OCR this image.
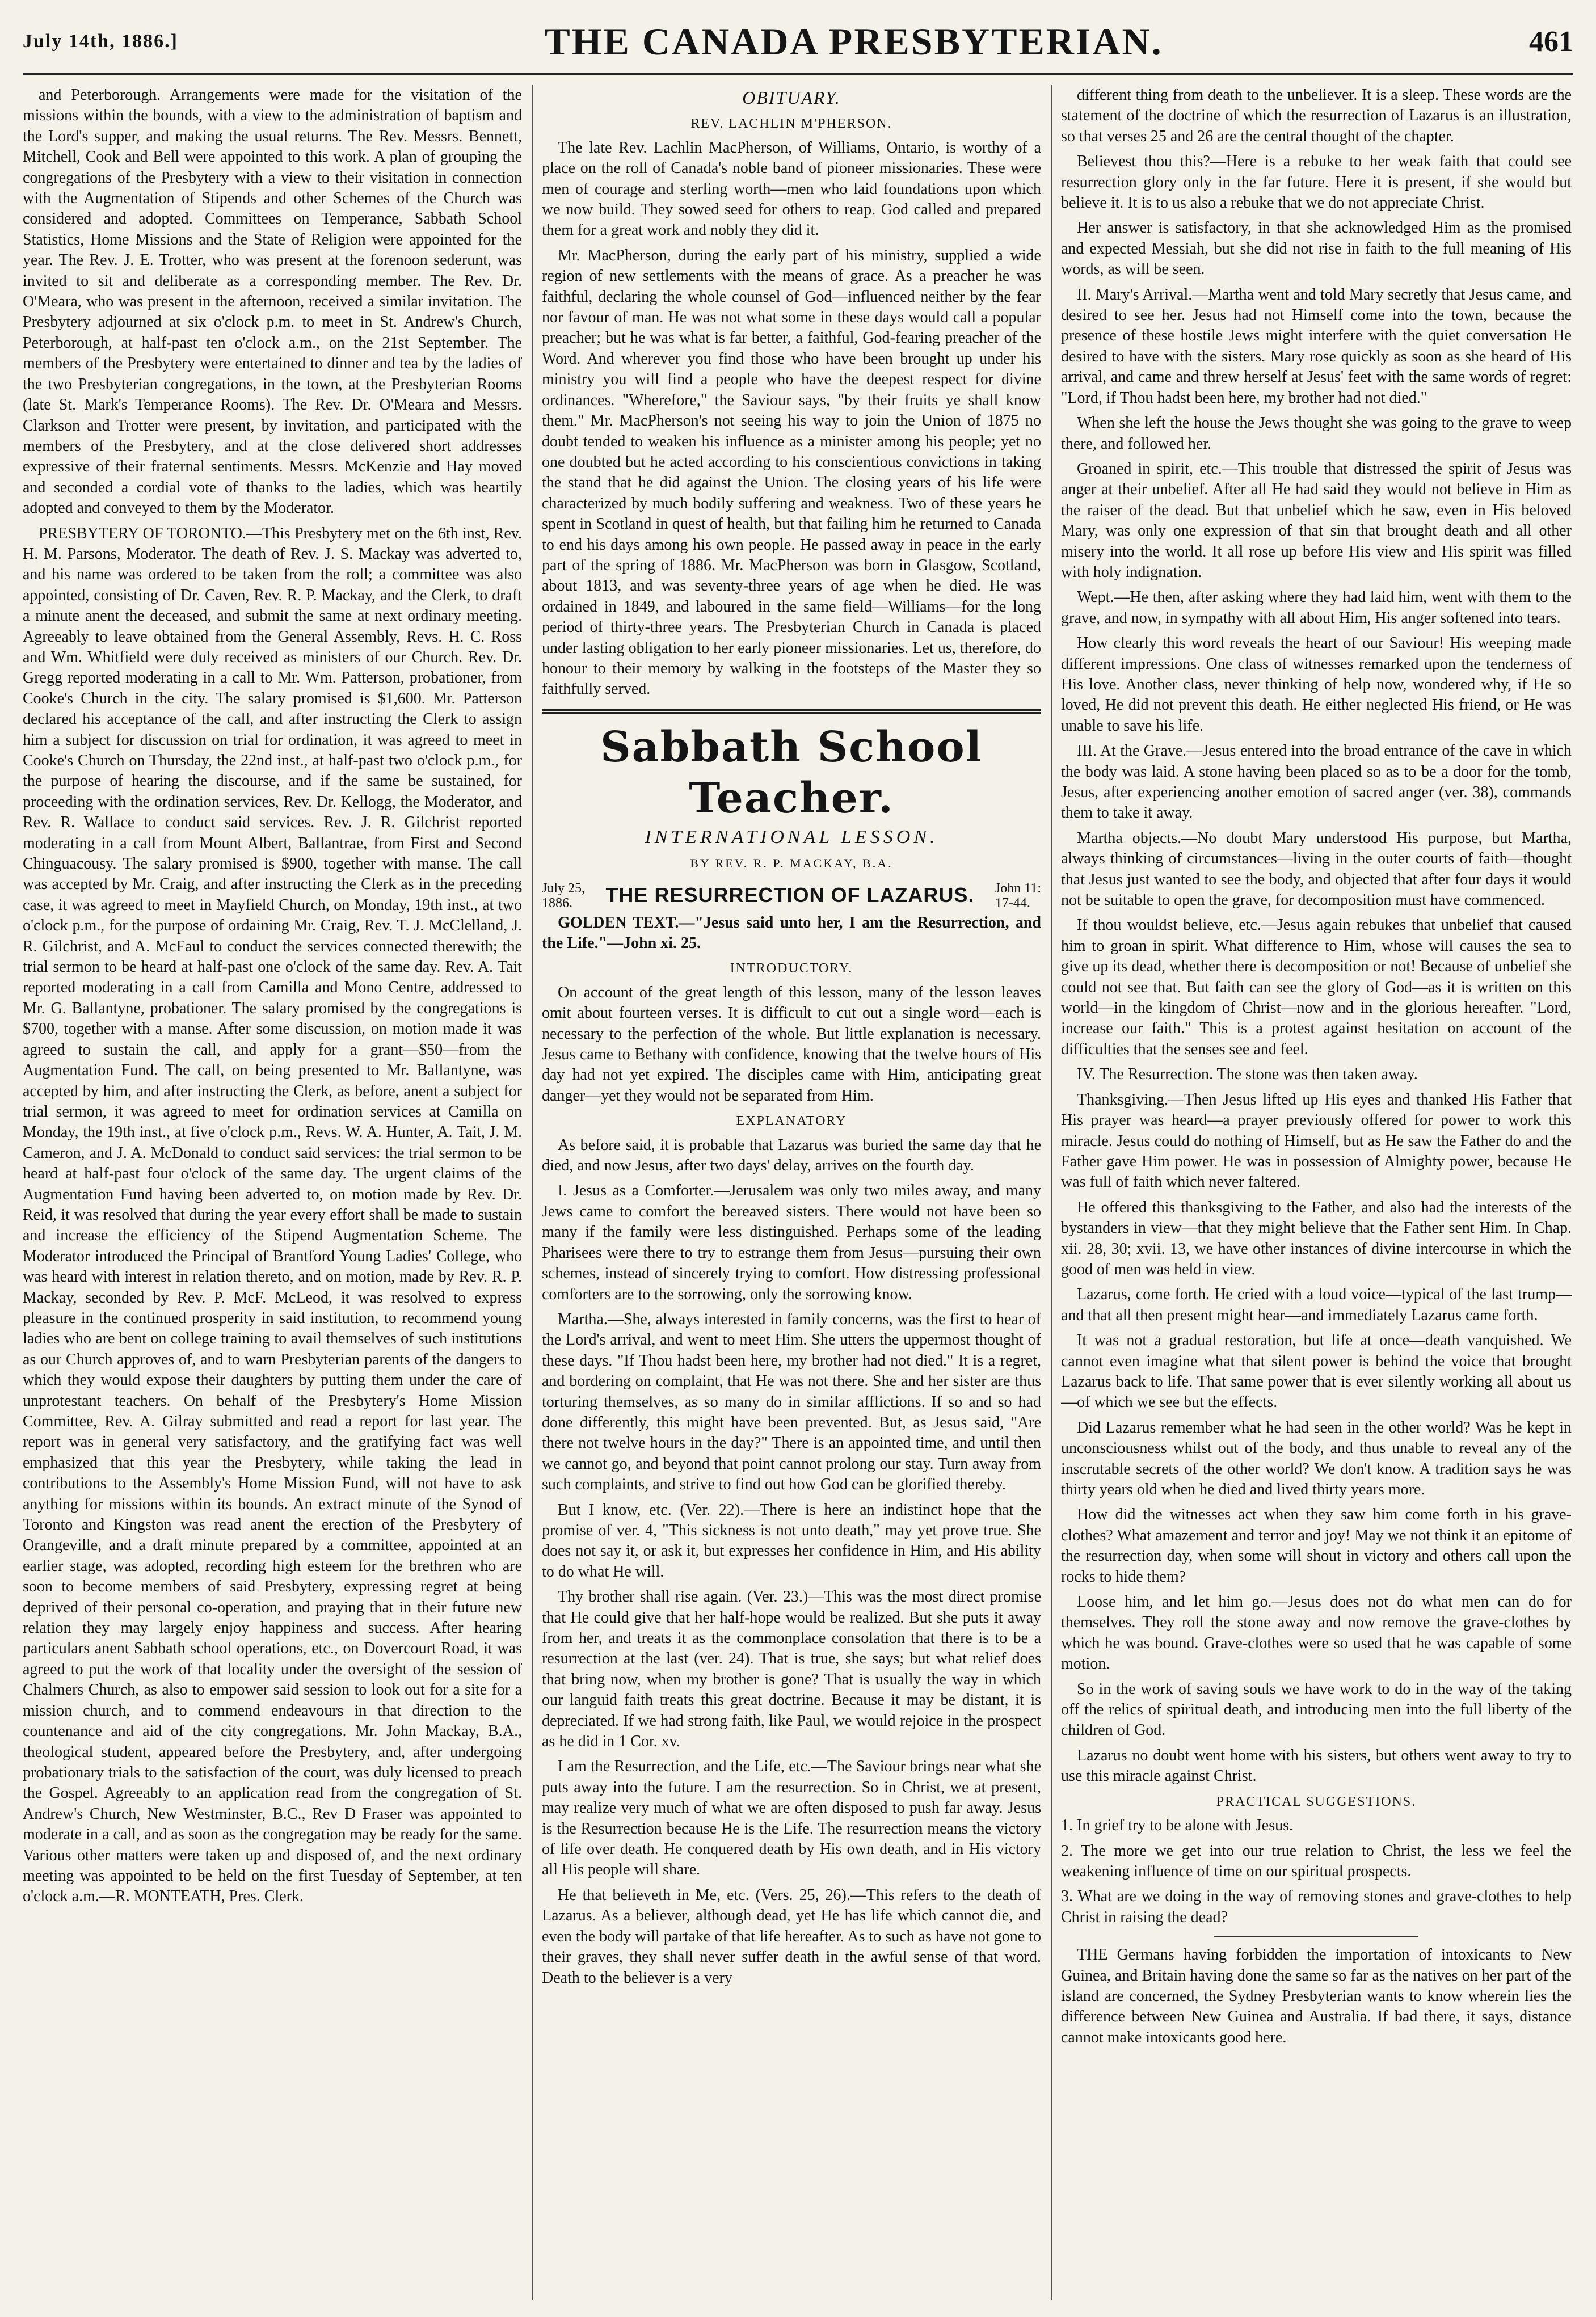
July 14th, 1886.]	THE CANADA PRESBYTERIAN.	461

and Peterborough. Arrangements were made for the visitation of the missions within the bounds, with a view to the administration of baptism and the Lord's supper, and making the usual returns. The Rev. Messrs. Bennett, Mitchell, Cook and Bell were appointed to this work. A plan of grouping the congregations of the Presbytery with a view to their visitation in connection with the Augmentation of Stipends and other Schemes of the Church was considered and adopted. Committees on Temperance, Sabbath School Statistics, Home Missions and the State of Religion were appointed for the year. The Rev. J. E. Trotter, who was present at the forenoon sederunt, was invited to sit and deliberate as a corresponding member. The Rev. Dr. O'Meara, who was present in the afternoon, received a similar invitation. The Presbytery adjourned at six o'clock p.m. to meet in St. Andrew's Church, Peterborough, at half-past ten o'clock a.m., on the 21st September. The members of the Presbytery were entertained to dinner and tea by the ladies of the two Presbyterian congregations, in the town, at the Presbyterian Rooms (late St. Mark's Temperance Rooms). The Rev. Dr. O'Meara and Messrs. Clarkson and Trotter were present, by invitation, and participated with the members of the Presbytery, and at the close delivered short addresses expressive of their fraternal sentiments. Messrs. McKenzie and Hay moved and seconded a cordial vote of thanks to the ladies, which was heartily adopted and conveyed to them by the Moderator.

PRESBYTERY OF TORONTO.—This Presbytery met on the 6th inst, Rev. H. M. Parsons, Moderator. The death of Rev. J. S. Mackay was adverted to, and his name was ordered to be taken from the roll; a committee was also appointed, consisting of Dr. Caven, Rev. R. P. Mackay, and the Clerk, to draft a minute anent the deceased, and submit the same at next ordinary meeting. Agreeably to leave obtained from the General Assembly, Revs. H. C. Ross and Wm. Whitfield were duly received as ministers of our Church. Rev. Dr. Gregg reported moderating in a call to Mr. Wm. Patterson, probationer, from Cooke's Church in the city. The salary promised is $1,600. Mr. Patterson declared his acceptance of the call, and after instructing the Clerk to assign him a subject for discussion on trial for ordination, it was agreed to meet in Cooke's Church on Thursday, the 22nd inst., at half-past two o'clock p.m., for the purpose of hearing the discourse, and if the same be sustained, for proceeding with the ordination services, Rev. Dr. Kellogg, the Moderator, and Rev. R. Wallace to conduct said services. Rev. J. R. Gilchrist reported moderating in a call from Mount Albert, Ballantrae, from First and Second Chinguacousy. The salary promised is $900, together with manse. The call was accepted by Mr. Craig, and after instructing the Clerk as in the preceding case, it was agreed to meet in Mayfield Church, on Monday, 19th inst., at two o'clock p.m., for the purpose of ordaining Mr. Craig, Rev. T. J. McClelland, J. R. Gilchrist, and A. McFaul to conduct the services connected therewith; the trial sermon to be heard at half-past one o'clock of the same day. Rev. A. Tait reported moderating in a call from Camilla and Mono Centre, addressed to Mr. G. Ballantyne, probationer. The salary promised by the congregations is $700, together with a manse. After some discussion, on motion made it was agreed to sustain the call, and apply for a grant—$50—from the Augmentation Fund. The call, on being presented to Mr. Ballantyne, was accepted by him, and after instructing the Clerk, as before, anent a subject for trial sermon, it was agreed to meet for ordination services at Camilla on Monday, the 19th inst., at five o'clock p.m., Revs. W. A. Hunter, A. Tait, J. M. Cameron, and J. A. McDonald to conduct said services: the trial sermon to be heard at half-past four o'clock of the same day. The urgent claims of the Augmentation Fund having been adverted to, on motion made by Rev. Dr. Reid, it was resolved that during the year every effort shall be made to sustain and increase the efficiency of the Stipend Augmentation Scheme. The Moderator introduced the Principal of Brantford Young Ladies' College, who was heard with interest in relation thereto, and on motion, made by Rev. R. P. Mackay, seconded by Rev. P. McF. McLeod, it was resolved to express pleasure in the continued prosperity in said institution, to recommend young ladies who are bent on college training to avail themselves of such institutions as our Church approves of, and to warn Presbyterian parents of the dangers to which they would expose their daughters by putting them under the care of unprotestant teachers. On behalf of the Presbytery's Home Mission Committee, Rev. A. Gilray submitted and read a report for last year. The report was in general very satisfactory, and the gratifying fact was well emphasized that this year the Presbytery, while taking the lead in contributions to the Assembly's Home Mission Fund, will not have to ask anything for missions within its bounds. An extract minute of the Synod of Toronto and Kingston was read anent the erection of the Presbytery of Orangeville, and a draft minute prepared by a committee, appointed at an earlier stage, was adopted, recording high esteem for the brethren who are soon to become members of said Presbytery, expressing regret at being deprived of their personal co-operation, and praying that in their future new relation they may largely enjoy happiness and success. After hearing particulars anent Sabbath school operations, etc., on Dovercourt Road, it was agreed to put the work of that locality under the oversight of the session of Chalmers Church, as also to empower said session to look out for a site for a mission church, and to commend endeavours in that direction to the countenance and aid of the city congregations. Mr. John Mackay, B.A., theological student, appeared before the Presbytery, and, after undergoing probationary trials to the satisfaction of the court, was duly licensed to preach the Gospel. Agreeably to an application read from the congregation of St. Andrew's Church, New Westminster, B.C., Rev D Fraser was appointed to moderate in a call, and as soon as the congregation may be ready for the same. Various other matters were taken up and disposed of, and the next ordinary meeting was appointed to be held on the first Tuesday of September, at ten o'clock a.m.—R. MONTEATH, Pres. Clerk.

OBITUARY.
REV. LACHLIN M'PHERSON.

The late Rev. Lachlin MacPherson, of Williams, Ontario, is worthy of a place on the roll of Canada's noble band of pioneer missionaries. These were men of courage and sterling worth—men who laid foundations upon which we now build. They sowed seed for others to reap. God called and prepared them for a great work and nobly they did it.

Mr. MacPherson, during the early part of his ministry, supplied a wide region of new settlements with the means of grace. As a preacher he was faithful, declaring the whole counsel of God—influenced neither by the fear nor favour of man. He was not what some in these days would call a popular preacher; but he was what is far better, a faithful, God-fearing preacher of the Word. And wherever you find those who have been brought up under his ministry you will find a people who have the deepest respect for divine ordinances. "Wherefore," the Saviour says, "by their fruits ye shall know them." Mr. MacPherson's not seeing his way to join the Union of 1875 no doubt tended to weaken his influence as a minister among his people; yet no one doubted but he acted according to his conscientious convictions in taking the stand that he did against the Union. The closing years of his life were characterized by much bodily suffering and weakness. Two of these years he spent in Scotland in quest of health, but that failing him he returned to Canada to end his days among his own people. He passed away in peace in the early part of the spring of 1886. Mr. MacPherson was born in Glasgow, Scotland, about 1813, and was seventy-three years of age when he died. He was ordained in 1849, and laboured in the same field—Williams—for the long period of thirty-three years. The Presbyterian Church in Canada is placed under lasting obligation to her early pioneer missionaries. Let us, therefore, do honour to their memory by walking in the footsteps of the Master they so faithfully served.

Sabbath School Teacher.
INTERNATIONAL LESSON.
BY REV. R. P. MACKAY, B.A.
July 25,
1886.	THE RESURRECTION OF LAZARUS. John 11:
17-44.

GOLDEN TEXT.—"Jesus said unto her, I am the Resurrection, and the Life."—John xi. 25.

INTRODUCTORY.

On account of the great length of this lesson, many of the lesson leaves omit about fourteen verses. It is difficult to cut out a single word—each is necessary to the perfection of the whole. But little explanation is necessary. Jesus came to Bethany with confidence, knowing that the twelve hours of His day had not yet expired. The disciples came with Him, anticipating great danger—yet they would not be separated from Him.

EXPLANATORY

As before said, it is probable that Lazarus was buried the same day that he died, and now Jesus, after two days' delay, arrives on the fourth day.

I. Jesus as a Comforter.—Jerusalem was only two miles away, and many Jews came to comfort the bereaved sisters. There would not have been so many if the family were less distinguished. Perhaps some of the leading Pharisees were there to try to estrange them from Jesus—pursuing their own schemes, instead of sincerely trying to comfort. How distressing professional comforters are to the sorrowing, only the sorrowing know.

Martha.—She, always interested in family concerns, was the first to hear of the Lord's arrival, and went to meet Him. She utters the uppermost thought of these days. "If Thou hadst been here, my brother had not died." It is a regret, and bordering on complaint, that He was not there. She and her sister are thus torturing themselves, as so many do in similar afflictions. If so and so had done differently, this might have been prevented. But, as Jesus said, "Are there not twelve hours in the day?" There is an appointed time, and until then we cannot go, and beyond that point cannot prolong our stay. Turn away from such complaints, and strive to find out how God can be glorified thereby.

But I know, etc. (Ver. 22).—There is here an indistinct hope that the promise of ver. 4, "This sickness is not unto death," may yet prove true. She does not say it, or ask it, but expresses her confidence in Him, and His ability to do what He will.

Thy brother shall rise again. (Ver. 23.)—This was the most direct promise that He could give that her half-hope would be realized. But she puts it away from her, and treats it as the commonplace consolation that there is to be a resurrection at the last (ver. 24). That is true, she says; but what relief does that bring now, when my brother is gone? That is usually the way in which our languid faith treats this great doctrine. Because it may be distant, it is depreciated. If we had strong faith, like Paul, we would rejoice in the prospect as he did in 1 Cor. xv.

I am the Resurrection, and the Life, etc.—The Saviour brings near what she puts away into the future. I am the resurrection. So in Christ, we at present, may realize very much of what we are often disposed to push far away. Jesus is the Resurrection because He is the Life. The resurrection means the victory of life over death. He conquered death by His own death, and in His victory all His people will share.

He that believeth in Me, etc. (Vers. 25, 26).—This refers to the death of Lazarus. As a believer, although dead, yet He has life which cannot die, and even the body will partake of that life hereafter. As to such as have not gone to their graves, they shall never suffer death in the awful sense of that word. Death to the believer is a very

different thing from death to the unbeliever. It is a sleep. These words are the statement of the doctrine of which the resurrection of Lazarus is an illustration, so that verses 25 and 26 are the central thought of the chapter.

Believest thou this?—Here is a rebuke to her weak faith that could see resurrection glory only in the far future. Here it is present, if she would but believe it. It is to us also a rebuke that we do not appreciate Christ.

Her answer is satisfactory, in that she acknowledged Him as the promised and expected Messiah, but she did not rise in faith to the full meaning of His words, as will be seen.

II. Mary's Arrival.—Martha went and told Mary secretly that Jesus came, and desired to see her. Jesus had not Himself come into the town, because the presence of these hostile Jews might interfere with the quiet conversation He desired to have with the sisters. Mary rose quickly as soon as she heard of His arrival, and came and threw herself at Jesus' feet with the same words of regret: "Lord, if Thou hadst been here, my brother had not died."

When she left the house the Jews thought she was going to the grave to weep there, and followed her.

Groaned in spirit, etc.—This trouble that distressed the spirit of Jesus was anger at their unbelief. After all He had said they would not believe in Him as the raiser of the dead. But that unbelief which he saw, even in His beloved Mary, was only one expression of that sin that brought death and all other misery into the world. It all rose up before His view and His spirit was filled with holy indignation.

Wept.—He then, after asking where they had laid him, went with them to the grave, and now, in sympathy with all about Him, His anger softened into tears.

How clearly this word reveals the heart of our Saviour! His weeping made different impressions. One class of witnesses remarked upon the tenderness of His love. Another class, never thinking of help now, wondered why, if He so loved, He did not prevent this death. He either neglected His friend, or He was unable to save his life.

III. At the Grave.—Jesus entered into the broad entrance of the cave in which the body was laid. A stone having been placed so as to be a door for the tomb, Jesus, after experiencing another emotion of sacred anger (ver. 38), commands them to take it away.

Martha objects.—No doubt Mary understood His purpose, but Martha, always thinking of circumstances—living in the outer courts of faith—thought that Jesus just wanted to see the body, and objected that after four days it would not be suitable to open the grave, for decomposition must have commenced.

If thou wouldst believe, etc.—Jesus again rebukes that unbelief that caused him to groan in spirit. What difference to Him, whose will causes the sea to give up its dead, whether there is decomposition or not! Because of unbelief she could not see that. But faith can see the glory of God—as it is written on this world—in the kingdom of Christ—now and in the glorious hereafter. "Lord, increase our faith." This is a protest against hesitation on account of the difficulties that the senses see and feel.

IV. The Resurrection. The stone was then taken away.

Thanksgiving.—Then Jesus lifted up His eyes and thanked His Father that His prayer was heard—a prayer previously offered for power to work this miracle. Jesus could do nothing of Himself, but as He saw the Father do and the Father gave Him power. He was in possession of Almighty power, because He was full of faith which never faltered.

He offered this thanksgiving to the Father, and also had the interests of the bystanders in view—that they might believe that the Father sent Him. In Chap. xii. 28, 30; xvii. 13, we have other instances of divine intercourse in which the good of men was held in view.

Lazarus, come forth. He cried with a loud voice—typical of the last trump—and that all then present might hear—and immediately Lazarus came forth.

It was not a gradual restoration, but life at once—death vanquished. We cannot even imagine what that silent power is behind the voice that brought Lazarus back to life. That same power that is ever silently working all about us—of which we see but the effects.

Did Lazarus remember what he had seen in the other world? Was he kept in unconsciousness whilst out of the body, and thus unable to reveal any of the inscrutable secrets of the other world? We don't know. A tradition says he was thirty years old when he died and lived thirty years more.

How did the witnesses act when they saw him come forth in his grave-clothes? What amazement and terror and joy! May we not think it an epitome of the resurrection day, when some will shout in victory and others call upon the rocks to hide them?

Loose him, and let him go.—Jesus does not do what men can do for themselves. They roll the stone away and now remove the grave-clothes by which he was bound. Grave-clothes were so used that he was capable of some motion.

So in the work of saving souls we have work to do in the way of the taking off the relics of spiritual death, and introducing men into the full liberty of the children of God.

Lazarus no doubt went home with his sisters, but others went away to try to use this miracle against Christ.

PRACTICAL SUGGESTIONS.

1. In grief try to be alone with Jesus.

2. The more we get into our true relation to Christ, the less we feel the weakening influence of time on our spiritual prospects.

3. What are we doing in the way of removing stones and grave-clothes to help Christ in raising the dead?

THE Germans having forbidden the importation of intoxicants to New Guinea, and Britain having done the same so far as the natives on her part of the island are concerned, the Sydney Presbyterian wants to know wherein lies the difference between New Guinea and Australia. If bad there, it says, distance cannot make intoxicants good here.
